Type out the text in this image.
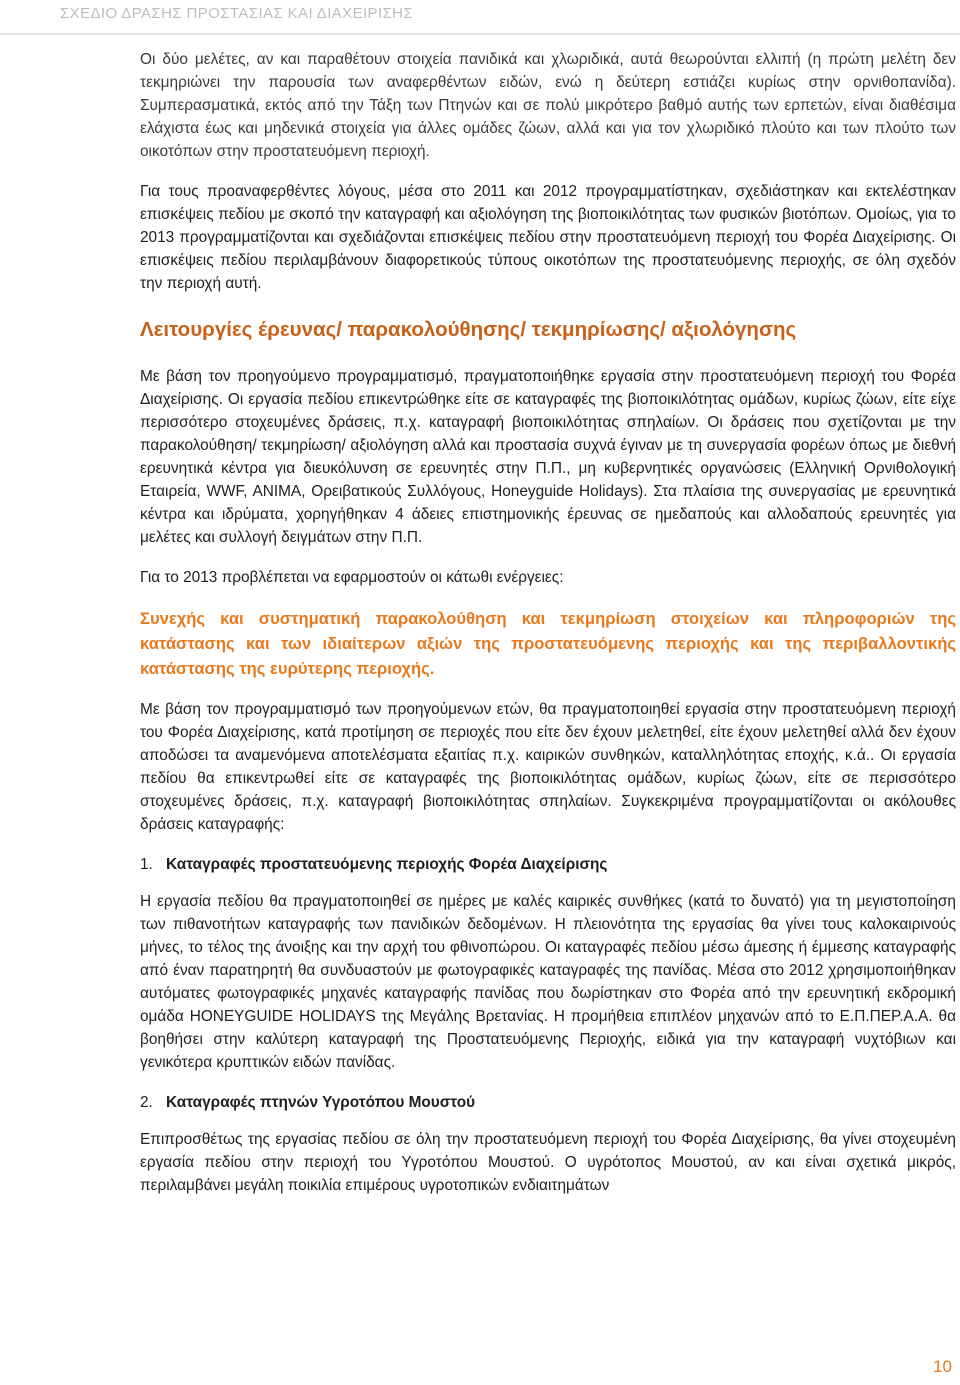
ΣΧΕΔΙΟ ΔΡΑΣΗΣ ΠΡΟΣΤΑΣΙΑΣ ΚΑΙ ΔΙΑΧΕΙΡΙΣΗΣ

Οι δύο μελέτες, αν και παραθέτουν στοιχεία πανιδικά και χλωριδικά, αυτά θεωρούνται ελλιπή (η πρώτη μελέτη δεν τεκμηριώνει την παρουσία των αναφερθέντων ειδών, ενώ η δεύτερη εστιάζει κυρίως στην ορνιθοπανίδα). Συμπερασματικά, εκτός από την Τάξη των Πτηνών και σε πολύ μικρότερο βαθμό αυτής των ερπετών, είναι διαθέσιμα ελάχιστα έως και μηδενικά στοιχεία για άλλες ομάδες ζώων, αλλά και για τον χλωριδικό πλούτο και των πλούτο των οικοτόπων στην προστατευόμενη περιοχή.

Για τους προαναφερθέντες λόγους, μέσα στο 2011 και 2012 προγραμματίστηκαν, σχεδιάστηκαν και εκτελέστηκαν επισκέψεις πεδίου με σκοπό την καταγραφή και αξιολόγηση της βιοποικιλότητας των φυσικών βιοτόπων. Ομοίως, για το 2013 προγραμματίζονται και σχεδιάζονται επισκέψεις πεδίου στην προστατευόμενη περιοχή του Φορέα Διαχείρισης. Οι επισκέψεις πεδίου περιλαμβάνουν διαφορετικούς τύπους οικοτόπων της προστατευόμενης περιοχής, σε όλη σχεδόν την περιοχή αυτή.

Λειτουργίες έρευνας/ παρακολούθησης/ τεκμηρίωσης/ αξιολόγησης

Με βάση τον προηγούμενο προγραμματισμό, πραγματοποιήθηκε εργασία στην προστατευόμενη περιοχή του Φορέα Διαχείρισης. Οι εργασία πεδίου επικεντρώθηκε είτε σε καταγραφές της βιοποικιλότητας ομάδων, κυρίως ζώων, είτε είχε περισσότερο στοχευμένες δράσεις, π.χ. καταγραφή βιοποικιλότητας σπηλαίων. Οι δράσεις που σχετίζονται με την παρακολούθηση/ τεκμηρίωση/ αξιολόγηση αλλά και προστασία συχνά έγιναν με τη συνεργασία φορέων όπως με διεθνή ερευνητικά κέντρα για διευκόλυνση σε ερευνητές στην Π.Π., μη κυβερνητικές οργανώσεις (Ελληνική Ορνιθολογική Εταιρεία, WWF, ANIMA, Ορειβατικούς Συλλόγους, Honeyguide Holidays). Στα πλαίσια της συνεργασίας με ερευνητικά κέντρα και ιδρύματα, χορηγήθηκαν 4 άδειες επιστημονικής έρευνας σε ημεδαπούς και αλλοδαπούς ερευνητές για μελέτες και συλλογή δειγμάτων στην Π.Π.

Για το 2013 προβλέπεται να εφαρμοστούν οι κάτωθι ενέργειες:

Συνεχής και συστηματική παρακολούθηση και τεκμηρίωση στοιχείων και πληροφοριών της κατάστασης και των ιδιαίτερων αξιών της προστατευόμενης περιοχής και της περιβαλλοντικής κατάστασης της ευρύτερης περιοχής.

Με βάση τον προγραμματισμό των προηγούμενων ετών, θα πραγματοποιηθεί εργασία στην προστατευόμενη περιοχή του Φορέα Διαχείρισης, κατά προτίμηση σε περιοχές που είτε δεν έχουν μελετηθεί, είτε έχουν μελετηθεί αλλά δεν έχουν αποδώσει τα αναμενόμενα αποτελέσματα εξαιτίας π.χ. καιρικών συνθηκών, καταλληλότητας εποχής, κ.ά.. Οι εργασία πεδίου θα επικεντρωθεί είτε σε καταγραφές της βιοποικιλότητας ομάδων, κυρίως ζώων, είτε σε περισσότερο στοχευμένες δράσεις, π.χ. καταγραφή βιοποικιλότητας σπηλαίων. Συγκεκριμένα προγραμματίζονται οι ακόλουθες δράσεις καταγραφής:

1. Καταγραφές προστατευόμενης περιοχής Φορέα Διαχείρισης

Η εργασία πεδίου θα πραγματοποιηθεί σε ημέρες με καλές καιρικές συνθήκες (κατά το δυνατό) για τη μεγιστοποίηση των πιθανοτήτων καταγραφής των πανιδικών δεδομένων. Η πλειονότητα της εργασίας θα γίνει τους καλοκαιρινούς μήνες, το τέλος της άνοιξης και την αρχή του φθινοπώρου. Οι καταγραφές πεδίου μέσω άμεσης ή έμμεσης καταγραφής από έναν παρατηρητή θα συνδυαστούν με φωτογραφικές καταγραφές της πανίδας. Μέσα στο 2012 χρησιμοποιήθηκαν αυτόματες φωτογραφικές μηχανές καταγραφής πανίδας που δωρίστηκαν στο Φορέα από την ερευνητική εκδρομική ομάδα HONEYGUIDE HOLIDAYS της Μεγάλης Βρετανίας. Η προμήθεια επιπλέον μηχανών από το Ε.Π.ΠΕΡ.Α.Α. θα βοηθήσει στην καλύτερη καταγραφή της Προστατευόμενης Περιοχής, ειδικά για την καταγραφή νυχτόβιων και γενικότερα κρυπτικών ειδών πανίδας.

2. Καταγραφές πτηνών Υγροτόπου Μουστού

Επιπροσθέτως της εργασίας πεδίου σε όλη την προστατευόμενη περιοχή του Φορέα Διαχείρισης, θα γίνει στοχευμένη εργασία πεδίου στην περιοχή του Υγροτόπου Μουστού. Ο υγρότοπος Μουστού, αν και είναι σχετικά μικρός, περιλαμβάνει μεγάλη ποικιλία επιμέρους υγροτοπικών ενδιαιτημάτων

10
